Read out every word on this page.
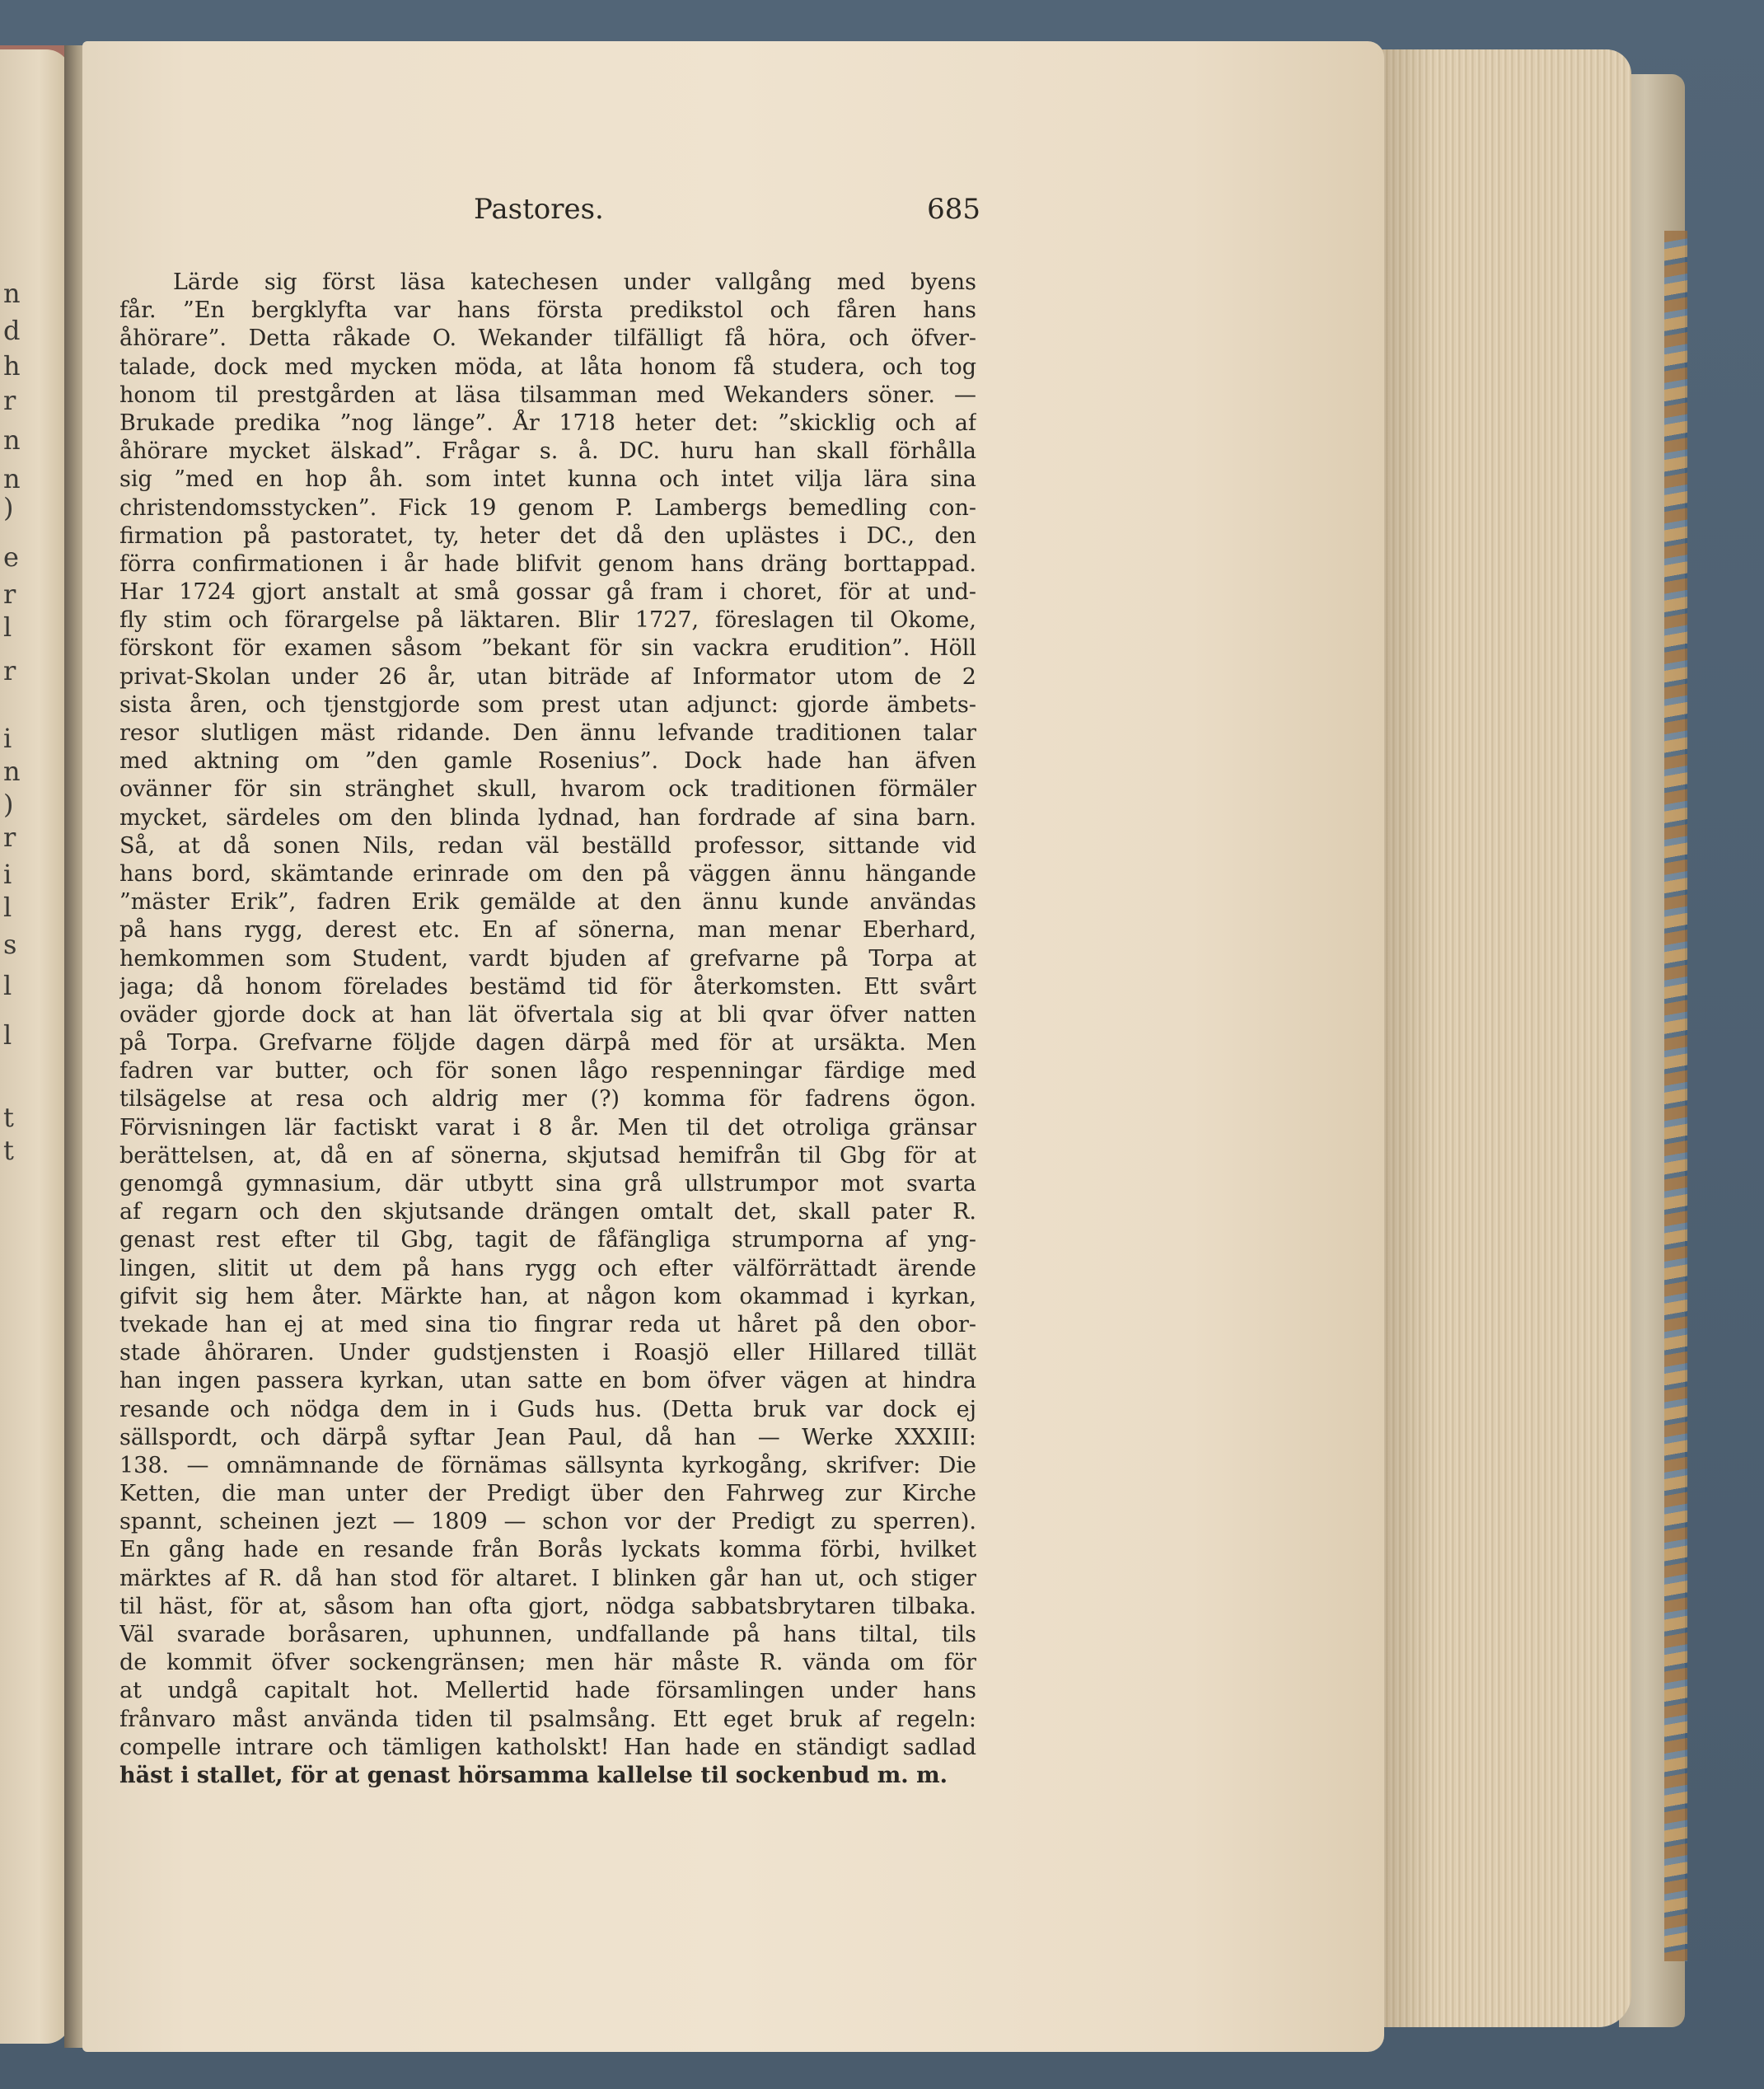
n
d
h
r
n
n
)
e
r
l
r
i
n
)
r
i
l
s
l
l
t
t
Pastores.	685
Lärde sig först läsa katechesen under vallgång med byens
får. ”En bergklyfta var hans första predikstol och fåren hans
åhörare”. Detta råkade O. Wekander tilfälligt få höra, och öfver-
talade, dock med mycken möda, at låta honom få studera, och tog
honom til prestgården at läsa tilsamman med Wekanders söner. —
Brukade predika ”nog länge”. År 1718 heter det: ”skicklig och af
åhörare mycket älskad”. Frågar s. å. DC. huru han skall förhålla
sig ”med en hop åh. som intet kunna och intet vilja lära sina
christendomsstycken”. Fick 19 genom P. Lambergs bemedling con-
firmation på pastoratet, ty, heter det då den uplästes i DC., den
förra confirmationen i år hade blifvit genom hans dräng borttappad.
Har 1724 gjort anstalt at små gossar gå fram i choret, för at und-
fly stim och förargelse på läktaren. Blir 1727, föreslagen til Okome,
förskont för examen såsom ”bekant för sin vackra erudition”. Höll
privat-Skolan under 26 år, utan biträde af Informator utom de 2
sista åren, och tjenstgjorde som prest utan adjunct: gjorde ämbets-
resor slutligen mäst ridande. Den ännu lefvande traditionen talar
med aktning om ”den gamle Rosenius”. Dock hade han äfven
ovänner för sin stränghet skull, hvarom ock traditionen förmäler
mycket, särdeles om den blinda lydnad, han fordrade af sina barn.
Så, at då sonen Nils, redan väl beställd professor, sittande vid
hans bord, skämtande erinrade om den på väggen ännu hängande
”mäster Erik”, fadren Erik gemälde at den ännu kunde användas
på hans rygg, derest etc. En af sönerna, man menar Eberhard,
hemkommen som Student, vardt bjuden af grefvarne på Torpa at
jaga; då honom förelades bestämd tid för återkomsten. Ett svårt
oväder gjorde dock at han lät öfvertala sig at bli qvar öfver natten
på Torpa. Grefvarne följde dagen därpå med för at ursäkta. Men
fadren var butter, och för sonen lågo respenningar färdige med
tilsägelse at resa och aldrig mer (?) komma för fadrens ögon.
Förvisningen lär factiskt varat i 8 år. Men til det otroliga gränsar
berättelsen, at, då en af sönerna, skjutsad hemifrån til Gbg för at
genomgå gymnasium, där utbytt sina grå ullstrumpor mot svarta
af regarn och den skjutsande drängen omtalt det, skall pater R.
genast rest efter til Gbg, tagit de fåfängliga strumporna af yng-
lingen, slitit ut dem på hans rygg och efter välförrättadt ärende
gifvit sig hem åter. Märkte han, at någon kom okammad i kyrkan,
tvekade han ej at med sina tio fingrar reda ut håret på den obor-
stade åhöraren. Under gudstjensten i Roasjö eller Hillared tillät
han ingen passera kyrkan, utan satte en bom öfver vägen at hindra
resande och nödga dem in i Guds hus. (Detta bruk var dock ej
sällspordt, och därpå syftar Jean Paul, då han — Werke XXXIII:
138. — omnämnande de förnämas sällsynta kyrkogång, skrifver: Die
Ketten, die man unter der Predigt über den Fahrweg zur Kirche
spannt, scheinen jezt — 1809 — schon vor der Predigt zu sperren).
En gång hade en resande från Borås lyckats komma förbi, hvilket
märktes af R. då han stod för altaret. I blinken går han ut, och stiger
til häst, för at, såsom han ofta gjort, nödga sabbatsbrytaren tilbaka.
Väl svarade boråsaren, uphunnen, undfallande på hans tiltal, tils
de kommit öfver sockengränsen; men här måste R. vända om för
at undgå capitalt hot. Mellertid hade församlingen under hans
frånvaro måst använda tiden til psalmsång. Ett eget bruk af regeln:
compelle intrare och tämligen katholskt! Han hade en ständigt sadlad
häst i stallet, för at genast hörsamma kallelse til sockenbud m. m.
